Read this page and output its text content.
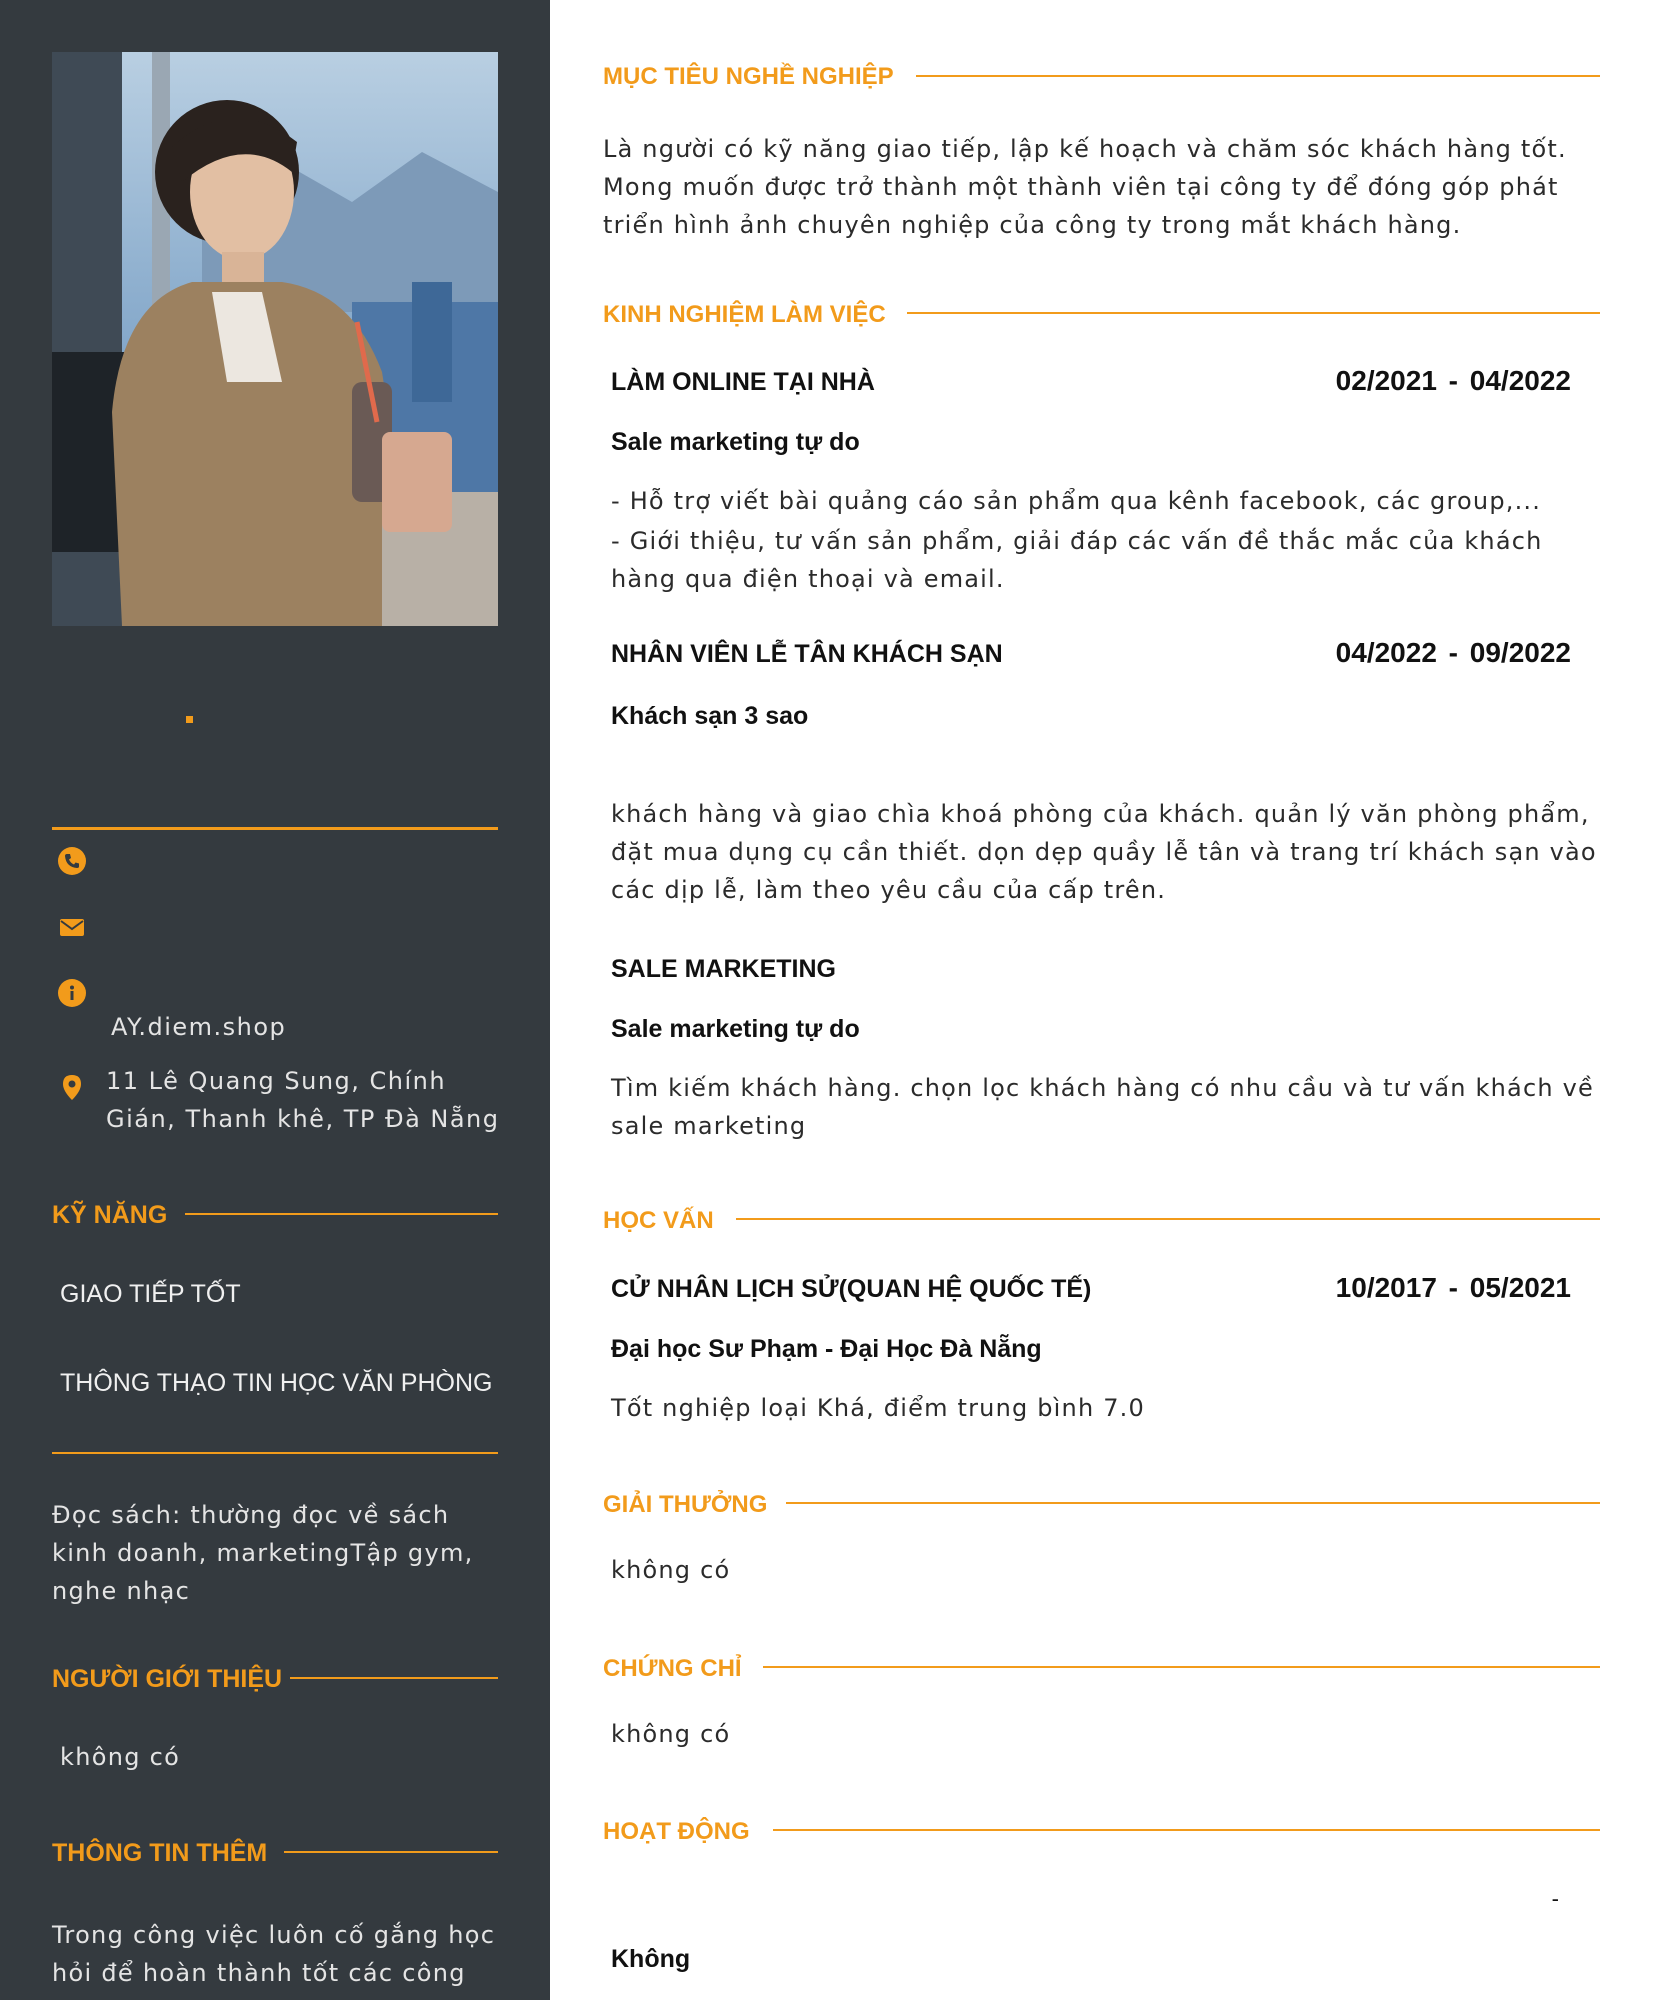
AY.diem.shop
11 Lê Quang Sung, Chính Gián, Thanh khê, TP Đà Nẵng
KỸ NĂNG
GIAO TIẾP TỐT
THÔNG THẠO TIN HỌC VĂN PHÒNG
Đọc sách: thường đọc về sách kinh doanh, marketingTập gym, nghe nhạc
NGƯỜI GIỚI THIỆU
không có
THÔNG TIN THÊM
Trong công việc luôn cố gắng học hỏi để hoàn thành tốt các công
MỤC TIÊU NGHỀ NGHIỆP
Là người có kỹ năng giao tiếp, lập kế hoạch và chăm sóc khách hàng tốt. Mong muốn được trở thành một thành viên tại công ty để đóng góp phát triển hình ảnh chuyên nghiệp của công ty trong mắt khách hàng.
KINH NGHIỆM LÀM VIỆC
LÀM ONLINE TẠI NHÀ	02/2021 - 04/2022
Sale marketing tự do
- Hỗ trợ viết bài quảng cáo sản phẩm qua kênh facebook, các group,...
- Giới thiệu, tư vấn sản phẩm, giải đáp các vấn đề thắc mắc của khách hàng qua điện thoại và email.
NHÂN VIÊN LỄ TÂN KHÁCH SẠN	04/2022 - 09/2022
Khách sạn 3 sao
khách hàng và giao chìa khoá phòng của khách. quản lý văn phòng phẩm, đặt mua dụng cụ cần thiết. dọn dẹp quầy lễ tân và trang trí khách sạn vào các dịp lễ, làm theo yêu cầu của cấp trên.
SALE MARKETING
Sale marketing tự do
Tìm kiếm khách hàng. chọn lọc khách hàng có nhu cầu và tư vấn khách về sale marketing
HỌC VẤN
CỬ NHÂN LỊCH SỬ(QUAN HỆ QUỐC TẾ)	10/2017 - 05/2021
Đại học Sư Phạm - Đại Học Đà Nẵng
Tốt nghiệp loại Khá, điểm trung bình 7.0
GIẢI THƯỞNG
không có
CHỨNG CHỈ
không có
HOẠT ĐỘNG
-
Không
